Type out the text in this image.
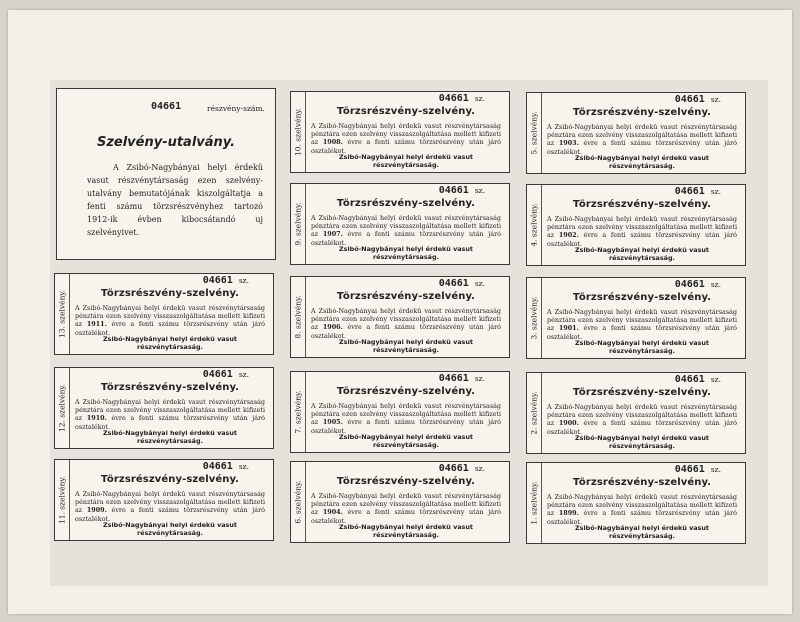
04661	részvény-szám.
Szelvény-utalvány.
A Zsibó-Nagybányai helyi érdekü vasut részvénytársaság ezen szelvény-utalvány bemutatójának kiszolgáltatja a fenti számu törzsrészvényhez tartozó 1912-ik évben kibocsátandó uj szelvényivet.
10. szelvény.
04661 sz.
Törzsrészvény-szelvény.
A Zsibó-Nagybányai helyi érdekü vasut részvénytársaság pénztára ezen szelvény visszaszolgáltatása mellett kifizeti az 1908. évre a fenti számu törzsrészvény után járó osztalékot.
Zsibó-Nagybányai helyi érdekü vasut részvénytársaság.
5. szelvény.
04661 sz.
Törzsrészvény-szelvény.
A Zsibó-Nagybányai helyi érdekü vasut részvénytársaság pénztára ezen szelvény visszaszolgáltatása mellett kifizeti az 1903. évre a fenti számu törzsrészvény után járó osztalékot.
Zsibó-Nagybányai helyi érdekü vasut részvénytársaság.
9. szelvény.
04661 sz.
Törzsrészvény-szelvény.
A Zsibó-Nagybányai helyi érdekü vasut részvénytársaság pénztára ezen szelvény visszaszolgáltatása mellett kifizeti az 1907. évre a fenti számu törzsrészvény után járó osztalékot.
Zsibó-Nagybányai helyi érdekü vasut részvénytársaság.
4. szelvény.
04661 sz.
Törzsrészvény-szelvény.
A Zsibó-Nagybányai helyi érdekü vasut részvénytársaság pénztára ezen szelvény visszaszolgáltatása mellett kifizeti az 1902. évre a fenti számu törzsrészvény után járó osztalékot.
Zsibó-Nagybányai helyi érdekü vasut részvénytársaság.
13. szelvény.
04661 sz.
Törzsrészvény-szelvény.
A Zsibó-Nagybányai helyi érdekü vasut részvénytársaság pénztára ezen szelvény visszaszolgáltatása mellett kifizeti az 1911. évre a fenti számu törzsrészvény után járó osztalékot.
Zsibó-Nagybányai helyi érdekü vasut részvénytársaság.
8. szelvény.
04661 sz.
Törzsrészvény-szelvény.
A Zsibó-Nagybányai helyi érdekü vasut részvénytársaság pénztára ezen szelvény visszaszolgáltatása mellett kifizeti az 1906. évre a fenti számu törzsrészvény után járó osztalékot.
Zsibó-Nagybányai helyi érdekü vasut részvénytársaság.
3. szelvény.
04661 sz.
Törzsrészvény-szelvény.
A Zsibó-Nagybányai helyi érdekü vasut részvénytársaság pénztára ezen szelvény visszaszolgáltatása mellett kifizeti az 1901. évre a fenti számu törzsrészvény után járó osztalékot.
Zsibó-Nagybányai helyi érdekü vasut részvénytársaság.
12. szelvény.
04661 sz.
Törzsrészvény-szelvény.
A Zsibó-Nagybányai helyi érdekü vasut részvénytársaság pénztára ezen szelvény visszaszolgáltatása mellett kifizeti az 1910. évre a fenti számu törzsrészvény után járó osztalékot.
Zsibó-Nagybányai helyi érdekü vasut részvénytársaság.
7. szelvény.
04661 sz.
Törzsrészvény-szelvény.
A Zsibó-Nagybányai helyi érdekü vasut részvénytársaság pénztára ezen szelvény visszaszolgáltatása mellett kifizeti az 1905. évre a fenti számu törzsrészvény után járó osztalékot.
Zsibó-Nagybányai helyi érdekü vasut részvénytársaság.
2. szelvény.
04661 sz.
Törzsrészvény-szelvény.
A Zsibó-Nagybányai helyi érdekü vasut részvénytársaság pénztára ezen szelvény visszaszolgáltatása mellett kifizeti az 1900. évre a fenti számu törzsrészvény után járó osztalékot.
Zsibó-Nagybányai helyi érdekü vasut részvénytársaság.
11. szelvény.
04661 sz.
Törzsrészvény-szelvény.
A Zsibó-Nagybányai helyi érdekü vasut részvénytársaság pénztára ezen szelvény visszaszolgáltatása mellett kifizeti az 1909. évre a fenti számu törzsrészvény után járó osztalékot.
Zsibó-Nagybányai helyi érdekü vasut részvénytársaság.
6. szelvény.
04661 sz.
Törzsrészvény-szelvény.
A Zsibó-Nagybányai helyi érdekü vasut részvénytársaság pénztára ezen szelvény visszaszolgáltatása mellett kifizeti az 1904. évre a fenti számu törzsrészvény után járó osztalékot.
Zsibó-Nagybányai helyi érdekü vasut részvénytársaság.
1. szelvény.
04661 sz.
Törzsrészvény-szelvény.
A Zsibó-Nagybányai helyi érdekü vasut részvénytársaság pénztára ezen szelvény visszaszolgáltatása mellett kifizeti az 1899. évre a fenti számu törzsrészvény után járó osztalékot.
Zsibó-Nagybányai helyi érdekü vasut részvénytársaság.
